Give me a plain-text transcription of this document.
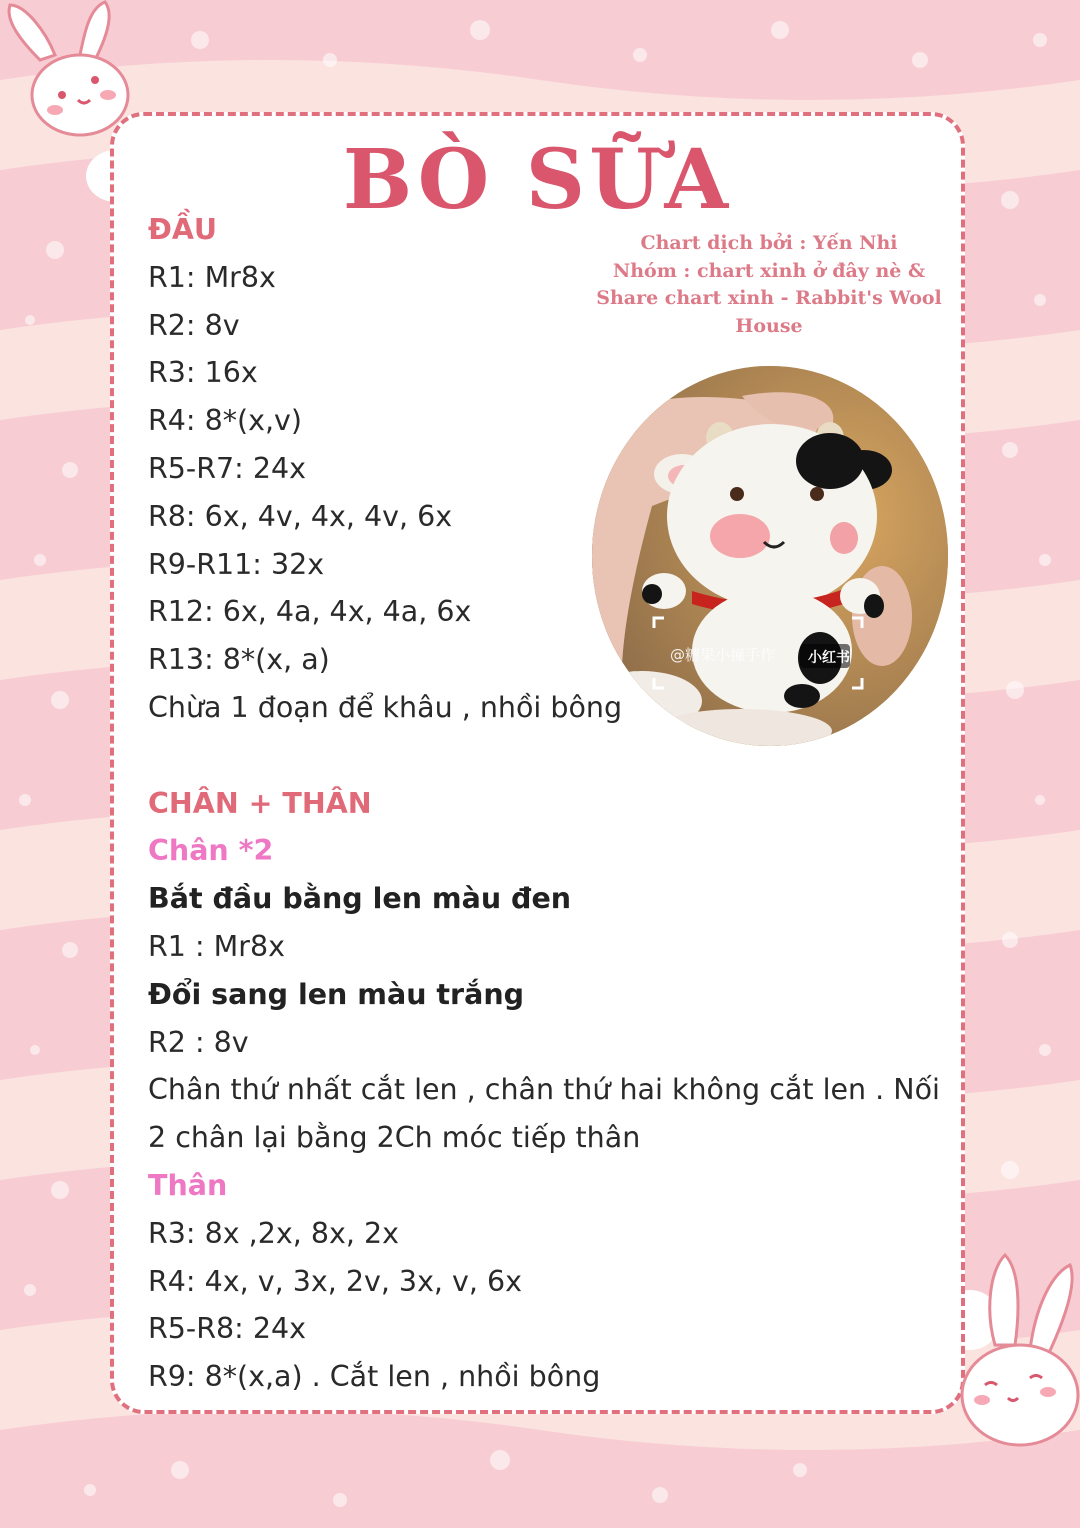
BÒ SỮA
Chart dịch bởi : Yến Nhi
Nhóm : chart xinh ở đây nè &
Share chart xinh - Rabbit's Wool
House
@糖果小撞手作 小红书
ĐẦU
R1: Mr8x
R2: 8v
R3: 16x
R4: 8*(x,v)
R5-R7: 24x
R8: 6x, 4v, 4x, 4v, 6x
R9-R11: 32x
R12: 6x, 4a, 4x, 4a, 6x
R13: 8*(x, a)
Chừa 1 đoạn để khâu , nhồi bông
CHÂN + THÂN
Chân *2
Bắt đầu bằng len màu đen
R1 : Mr8x
Đổi sang len màu trắng
R2 : 8v
Chân thứ nhất cắt len , chân thứ hai không cắt len . Nối
2 chân lại bằng 2Ch móc tiếp thân
Thân
R3: 8x ,2x, 8x, 2x
R4: 4x, v, 3x, 2v, 3x, v, 6x
R5-R8: 24x
R9: 8*(x,a) . Cắt len , nhồi bông
